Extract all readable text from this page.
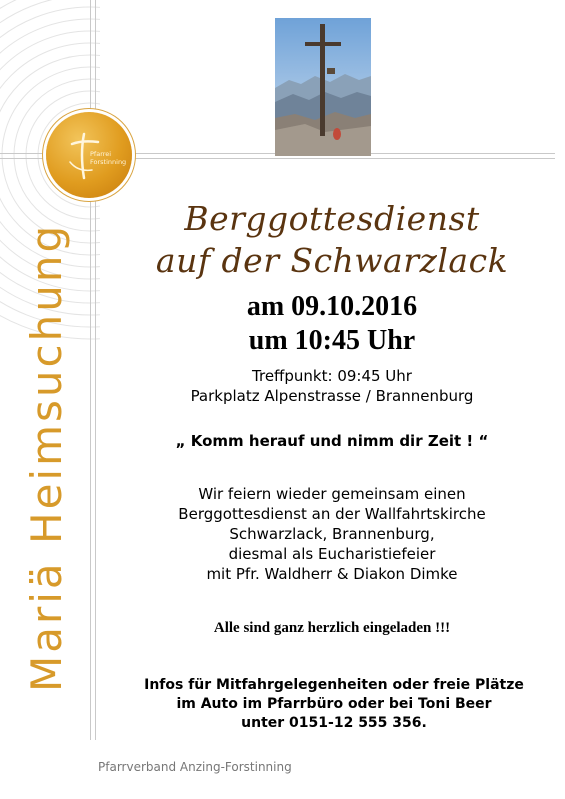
Mariä Heimsuchung
Pfarrei
Forstinning
Berggottesdienst
auf der Schwarzlack
am 09.10.2016
um 10:45 Uhr
Treffpunkt: 09:45 Uhr
Parkplatz Alpenstrasse / Brannenburg
„ Komm herauf und nimm dir Zeit ! “
Wir feiern wieder gemeinsam einen
Berggottesdienst an der Wallfahrtskirche
Schwarzlack, Brannenburg,
diesmal als Eucharistiefeier
mit Pfr. Waldherr & Diakon Dimke
Alle sind ganz herzlich eingeladen !!!
Infos für Mitfahrgelegenheiten oder freie Plätze
im Auto im Pfarrbüro oder bei Toni Beer
unter 0151-12 555 356.
Pfarrverband Anzing-Forstinning
